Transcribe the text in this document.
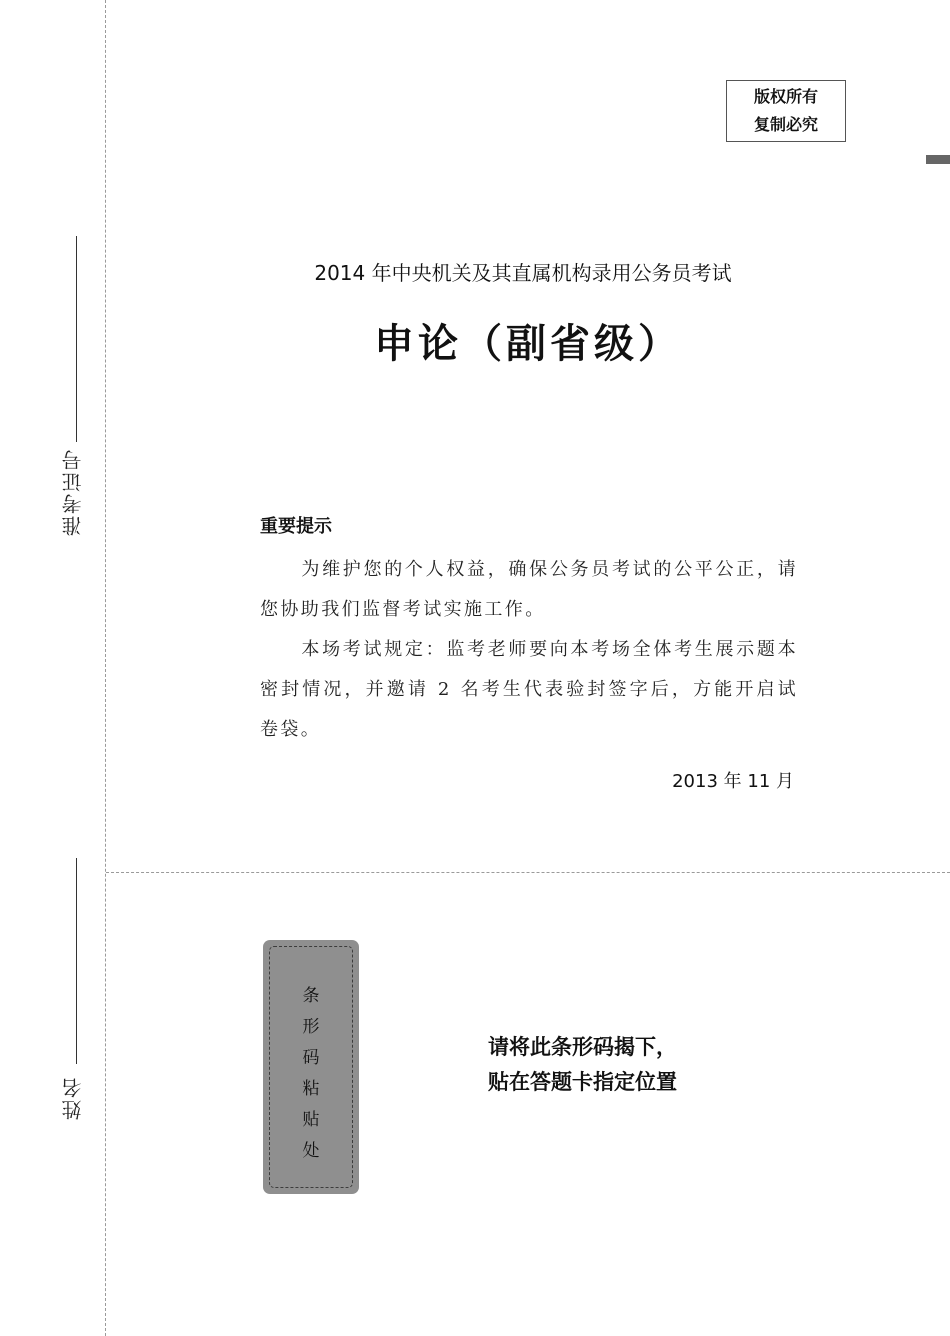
准考证号
姓名
版权所有
复制必究
2014 年中央机关及其直属机构录用公务员考试
申论（副省级）
重要提示

为维护您的个人权益，确保公务员考试的公平公正，请您协助我们监督考试实施工作。

本场考试规定：监考老师要向本考场全体考生展示题本密封情况，并邀请 2 名考生代表验封签字后，方能开启试卷袋。

2013 年 11 月
条
形
码
粘
贴
处
请将此条形码揭下，
贴在答题卡指定位置
